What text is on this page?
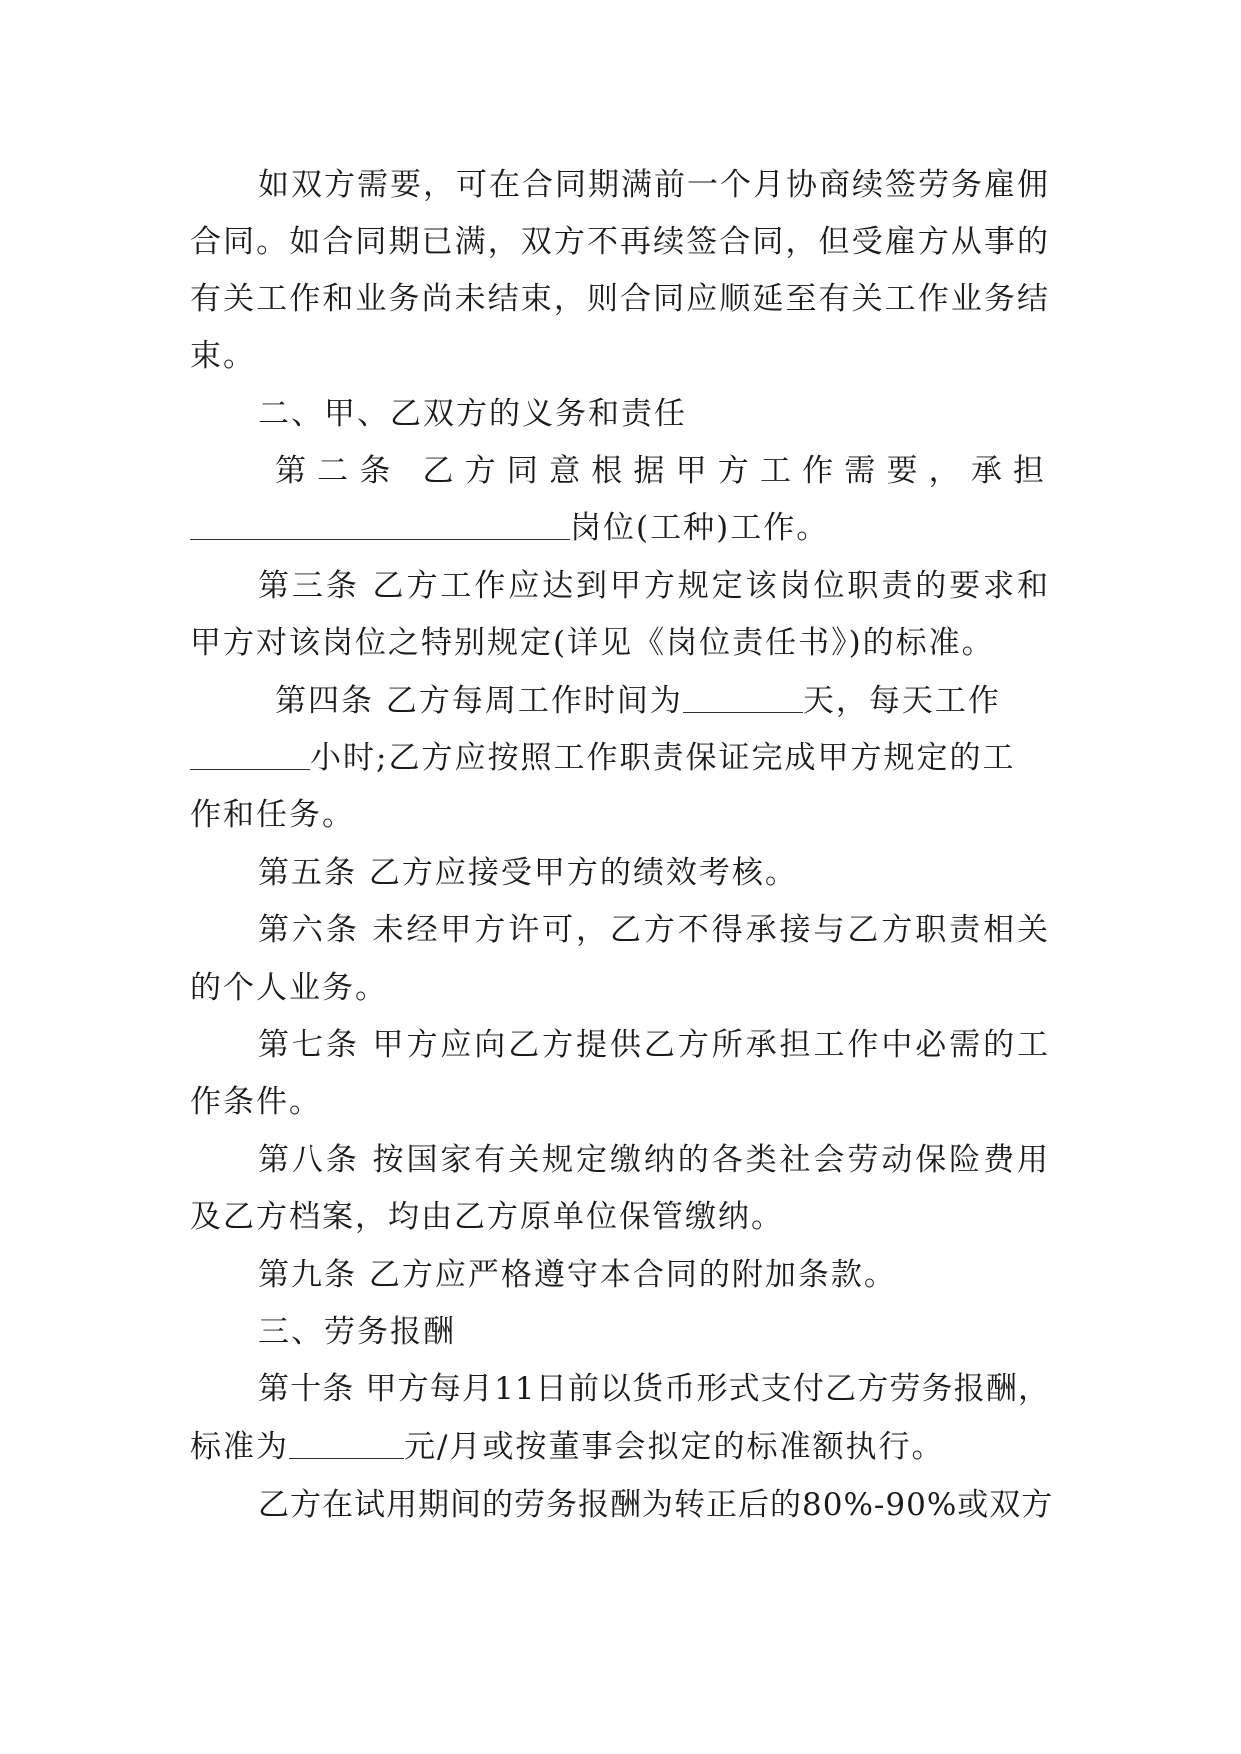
如双方需要，可在合同期满前一个月协商续签劳务雇佣
合同。如合同期已满，双方不再续签合同，但受雇方从事的
有关工作和业务尚未结束，则合同应顺延至有关工作业务结
束。
二、甲、乙双方的义务和责任
第二条 乙方同意根据甲方工作需要，承担
岗位(工种)工作。
第三条 乙方工作应达到甲方规定该岗位职责的要求和
甲方对该岗位之特别规定(详见《岗位责任书》)的标准。
第四条 乙方每周工作时间为	天，每天工作
小时;乙方应按照工作职责保证完成甲方规定的工
作和任务。
第五条 乙方应接受甲方的绩效考核。
第六条 未经甲方许可，乙方不得承接与乙方职责相关
的个人业务。
第七条 甲方应向乙方提供乙方所承担工作中必需的工
作条件。
第八条 按国家有关规定缴纳的各类社会劳动保险费用
及乙方档案，均由乙方原单位保管缴纳。
第九条 乙方应严格遵守本合同的附加条款。
三、劳务报酬
第十条 甲方每月11日前以货币形式支付乙方劳务报酬，
标准为	元/月或按董事会拟定的标准额执行。
乙方在试用期间的劳务报酬为转正后的80%-90%或双方
